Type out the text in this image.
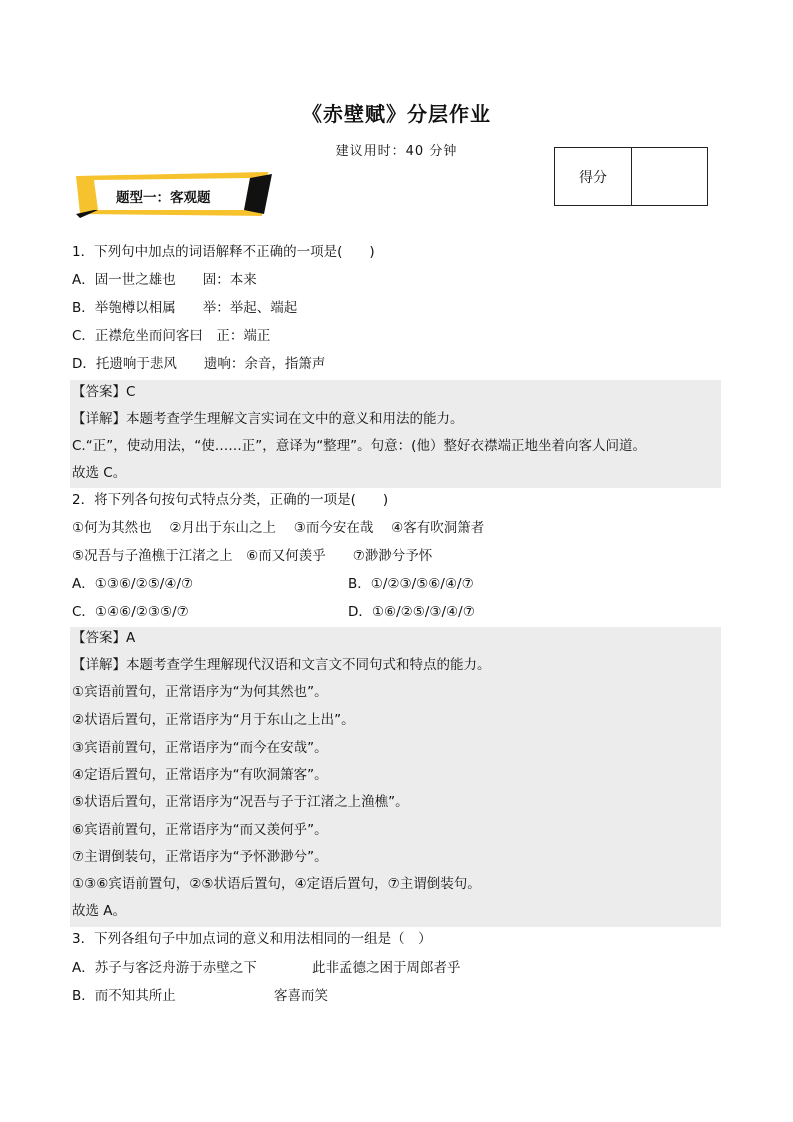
《赤壁赋》分层作业
建议用时：40 分钟
得分
题型一：客观题
1．下列句中加点的词语解释不正确的一项是(　　)
A．固一世之雄也　　固：本来
B．举匏樽以相属　　举：举起、端起
C．正襟危坐而问客曰　正：端正
D．托遗响于悲风　　遗响：余音，指箫声
【答案】C
【详解】本题考查学生理解文言实词在文中的意义和用法的能力。
C.“正”，使动用法，“使……正”，意译为“整理”。句意：(他）整好衣襟端正地坐着向客人问道。
故选 C。
2．将下列各句按句式特点分类，正确的一项是(　　)
①何为其然也　 ②月出于东山之上　 ③而今安在哉　 ④客有吹洞箫者
⑤况吾与子渔樵于江渚之上　⑥而又何羡乎　　⑦渺渺兮予怀
A．①③⑥/②⑤/④/⑦	B．①/②③/⑤⑥/④/⑦
C．①④⑥/②③⑤/⑦	D．①⑥/②⑤/③/④/⑦
【答案】A
【详解】本题考查学生理解现代汉语和文言文不同句式和特点的能力。
①宾语前置句，正常语序为“为何其然也”。
②状语后置句，正常语序为“月于东山之上出”。
③宾语前置句，正常语序为“而今在安哉”。
④定语后置句，正常语序为“有吹洞箫客”。
⑤状语后置句，正常语序为“况吾与子于江渚之上渔樵”。
⑥宾语前置句，正常语序为“而又羡何乎”。
⑦主谓倒装句，正常语序为“予怀渺渺兮”。
①③⑥宾语前置句，②⑤状语后置句，④定语后置句，⑦主谓倒装句。
故选 A。
3．下列各组句子中加点词的意义和用法相同的一组是（　）
A．苏子与客泛舟游于赤壁之下	此非孟德之困于周郎者乎
B．而不知其所止	客喜而笑
